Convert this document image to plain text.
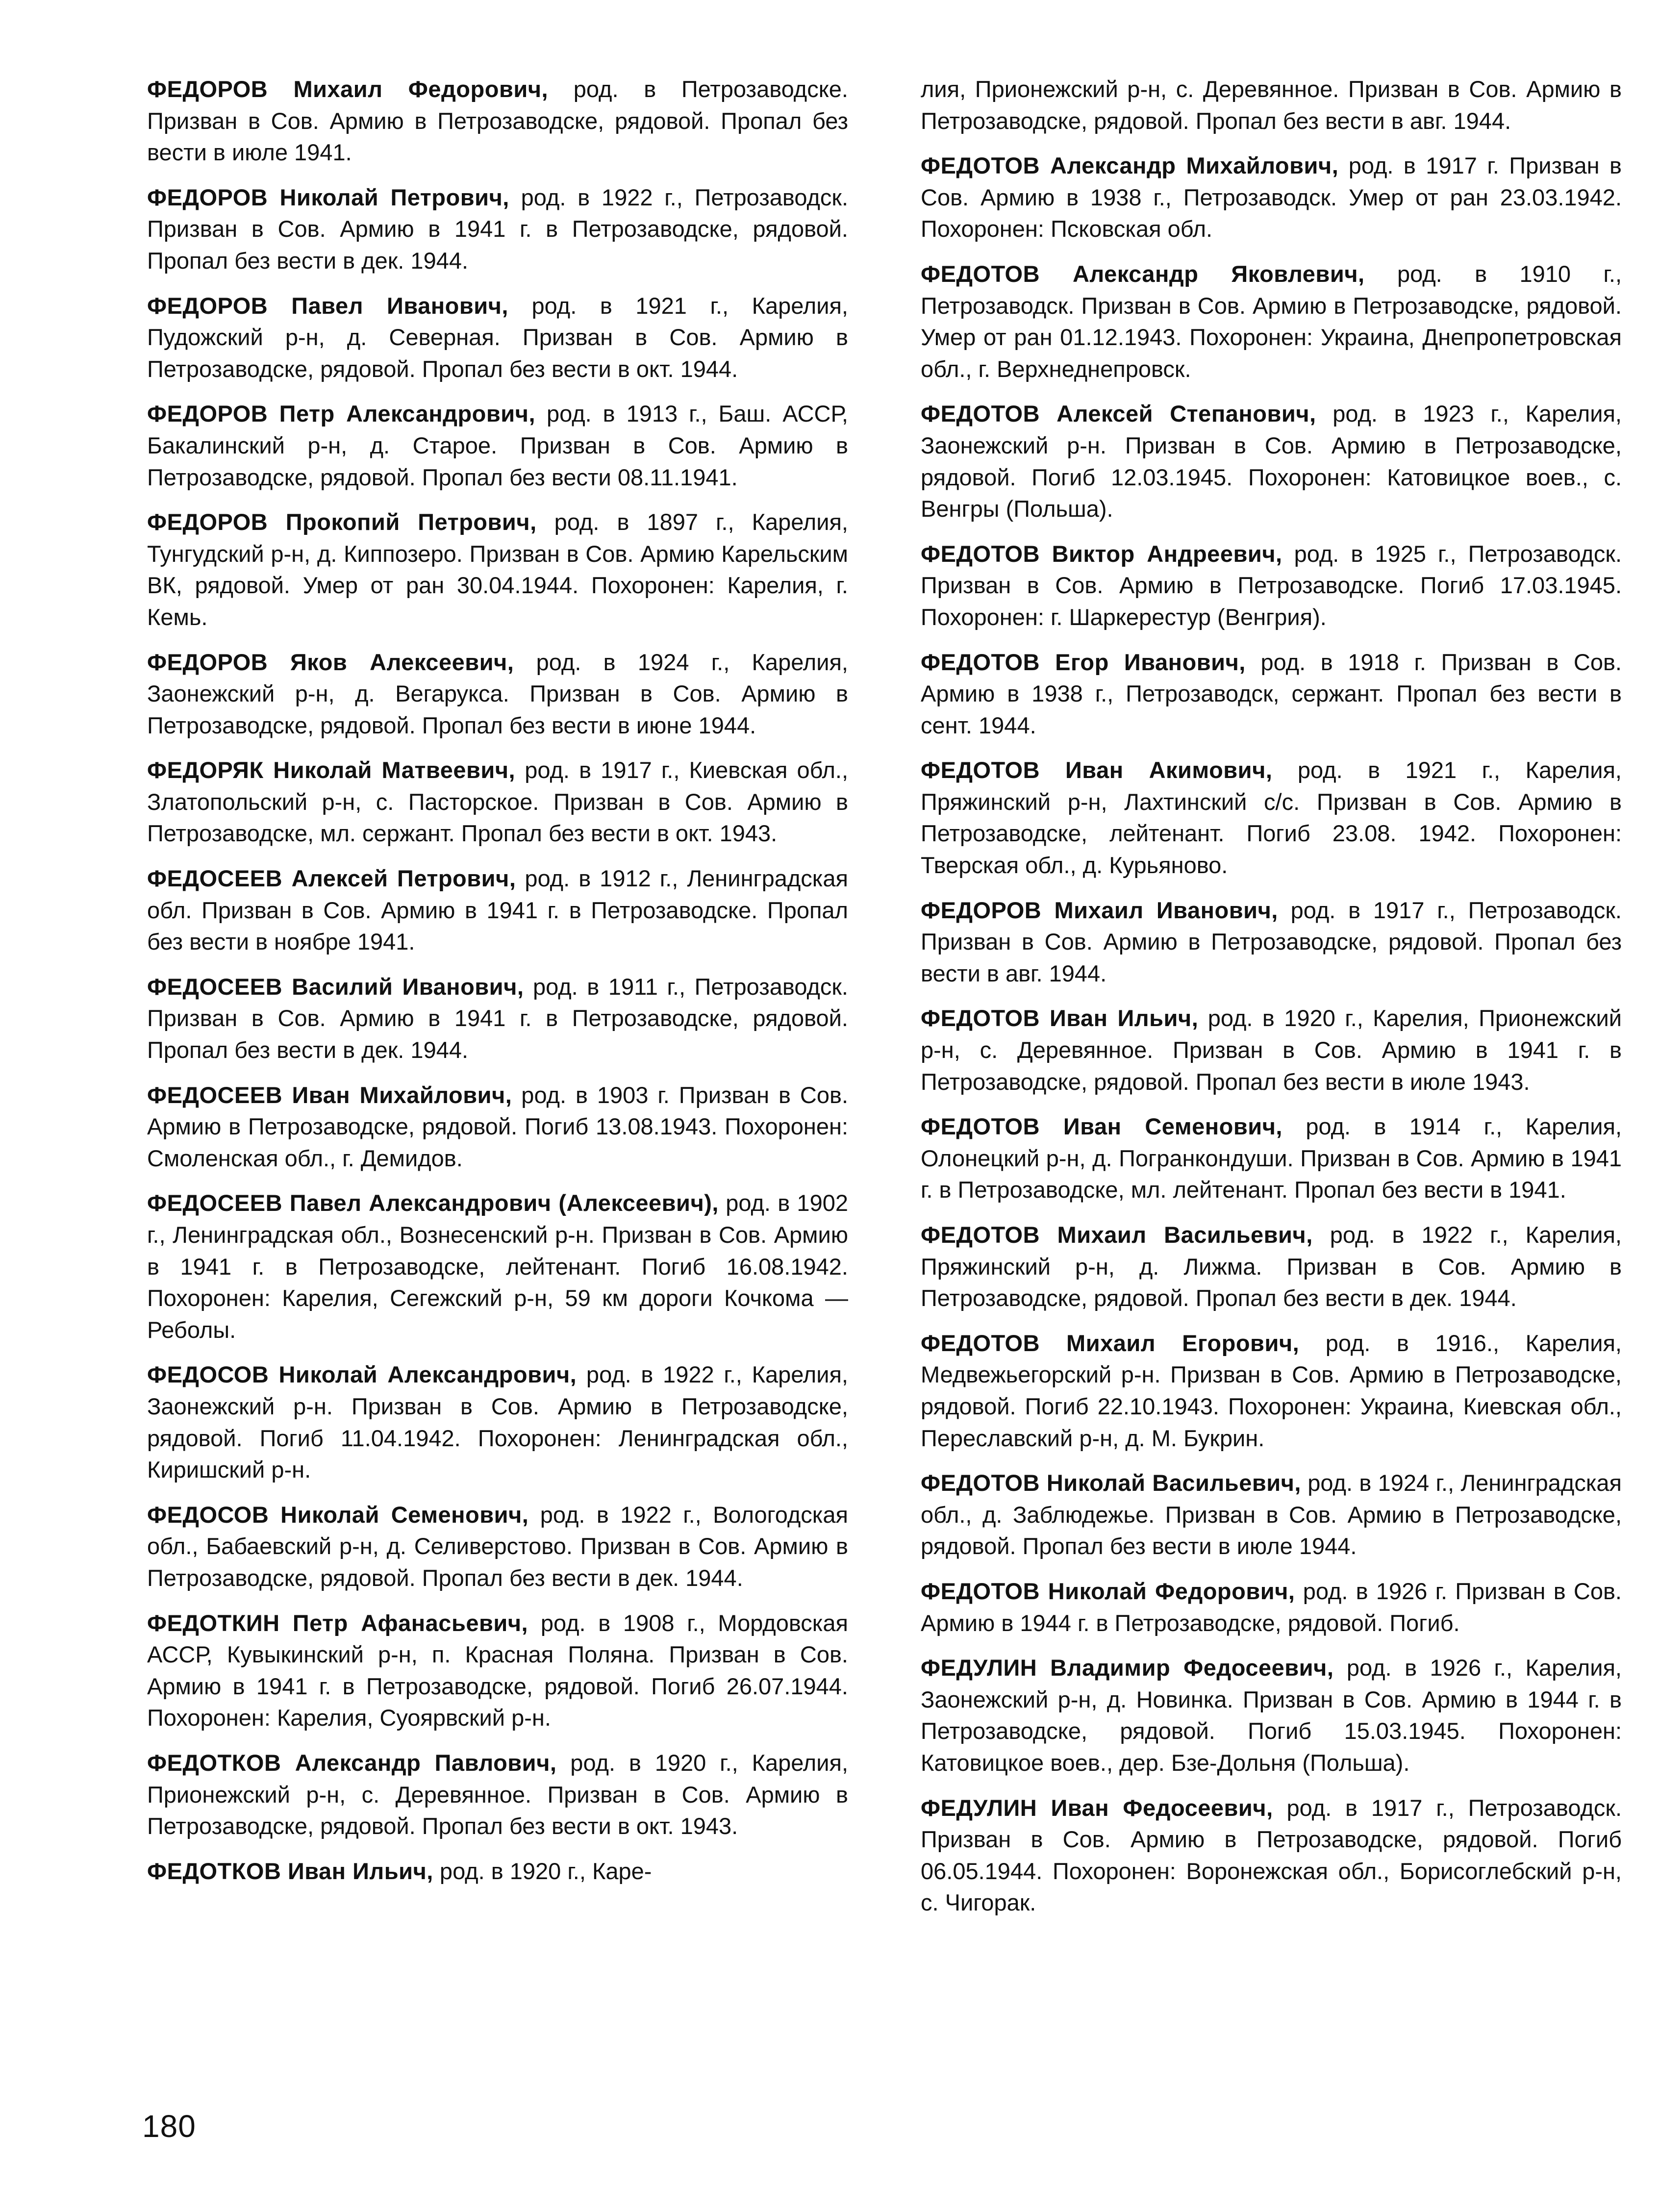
ФЕДОРОВ Михаил Федорович, род. в Петрозаводске. Призван в Сов. Армию в Петрозаводске, рядовой. Пропал без вести в июле 1941.

ФЕДОРОВ Николай Петрович, род. в 1922 г., Петрозаводск. Призван в Сов. Армию в 1941 г. в Петрозаводске, рядовой. Пропал без вести в дек. 1944.

ФЕДОРОВ Павел Иванович, род. в 1921 г., Карелия, Пудожский р-н, д. Северная. Призван в Сов. Армию в Петрозаводске, рядовой. Пропал без вести в окт. 1944.

ФЕДОРОВ Петр Александрович, род. в 1913 г., Баш. АССР, Бакалинский р-н, д. Старое. Призван в Сов. Армию в Петрозаводске, рядовой. Пропал без вести 08.11.1941.

ФЕДОРОВ Прокопий Петрович, род. в 1897 г., Карелия, Тунгудский р-н, д. Киппозеро. Призван в Сов. Армию Карельским ВК, рядовой. Умер от ран 30.04.1944. Похоронен: Карелия, г. Кемь.

ФЕДОРОВ Яков Алексеевич, род. в 1924 г., Карелия, Заонежский р-н, д. Вегарукса. Призван в Сов. Армию в Петрозаводске, рядовой. Пропал без вести в июне 1944.

ФЕДОРЯК Николай Матвеевич, род. в 1917 г., Киевская обл., Златопольский р-н, с. Пасторское. Призван в Сов. Армию в Петрозаводске, мл. сержант. Пропал без вести в окт. 1943.

ФЕДОСЕЕВ Алексей Петрович, род. в 1912 г., Ленинградская обл. Призван в Сов. Армию в 1941 г. в Петрозаводске. Пропал без вести в ноябре 1941.

ФЕДОСЕЕВ Василий Иванович, род. в 1911 г., Петрозаводск. Призван в Сов. Армию в 1941 г. в Петрозаводске, рядовой. Пропал без вести в дек. 1944.

ФЕДОСЕЕВ Иван Михайлович, род. в 1903 г. Призван в Сов. Армию в Петрозаводске, рядовой. Погиб 13.08.1943. Похоронен: Смоленская обл., г. Демидов.

ФЕДОСЕЕВ Павел Александрович (Алексеевич), род. в 1902 г., Ленинградская обл., Вознесенский р-н. Призван в Сов. Армию в 1941 г. в Петрозаводске, лейтенант. Погиб 16.08.1942. Похоронен: Карелия, Сегежский р-н, 59 км дороги Кочкома — Реболы.

ФЕДОСОВ Николай Александрович, род. в 1922 г., Карелия, Заонежский р-н. Призван в Сов. Армию в Петрозаводске, рядовой. Погиб 11.04.1942. Похоронен: Ленинградская обл., Киришский р-н.

ФЕДОСОВ Николай Семенович, род. в 1922 г., Вологодская обл., Бабаевский р-н, д. Селиверстово. Призван в Сов. Армию в Петрозаводске, рядовой. Пропал без вести в дек. 1944.

ФЕДОТКИН Петр Афанасьевич, род. в 1908 г., Мордовская АССР, Кувыкинский р-н, п. Красная Поляна. Призван в Сов. Армию в 1941 г. в Петрозаводске, рядовой. Погиб 26.07.1944. Похоронен: Карелия, Суоярвский р-н.

ФЕДОТКОВ Александр Павлович, род. в 1920 г., Карелия, Прионежский р-н, с. Деревянное. Призван в Сов. Армию в Петрозаводске, рядовой. Пропал без вести в окт. 1943.

ФЕДОТКОВ Иван Ильич, род. в 1920 г., Каре-

лия, Прионежский р-н, с. Деревянное. Призван в Сов. Армию в Петрозаводске, рядовой. Пропал без вести в авг. 1944.

ФЕДОТОВ Александр Михайлович, род. в 1917 г. Призван в Сов. Армию в 1938 г., Петрозаводск. Умер от ран 23.03.1942. Похоронен: Псковская обл.

ФЕДОТОВ Александр Яковлевич, род. в 1910 г., Петрозаводск. Призван в Сов. Армию в Петрозаводске, рядовой. Умер от ран 01.12.1943. Похоронен: Украина, Днепропетровская обл., г. Верхнеднепровск.

ФЕДОТОВ Алексей Степанович, род. в 1923 г., Карелия, Заонежский р-н. Призван в Сов. Армию в Петрозаводске, рядовой. Погиб 12.03.1945. Похоронен: Катовицкое воев., с. Венгры (Польша).

ФЕДОТОВ Виктор Андреевич, род. в 1925 г., Петрозаводск. Призван в Сов. Армию в Петрозаводске. Погиб 17.03.1945. Похоронен: г. Шаркерестур (Венгрия).

ФЕДОТОВ Егор Иванович, род. в 1918 г. Призван в Сов. Армию в 1938 г., Петрозаводск, сержант. Пропал без вести в сент. 1944.

ФЕДОТОВ Иван Акимович, род. в 1921 г., Карелия, Пряжинский р-н, Лахтинский с/с. Призван в Сов. Армию в Петрозаводске, лейтенант. Погиб 23.08. 1942. Похоронен: Тверская обл., д. Курьяново.

ФЕДОРОВ Михаил Иванович, род. в 1917 г., Петрозаводск. Призван в Сов. Армию в Петрозаводске, рядовой. Пропал без вести в авг. 1944.

ФЕДОТОВ Иван Ильич, род. в 1920 г., Карелия, Прионежский р-н, с. Деревянное. Призван в Сов. Армию в 1941 г. в Петрозаводске, рядовой. Пропал без вести в июле 1943.

ФЕДОТОВ Иван Семенович, род. в 1914 г., Карелия, Олонецкий р-н, д. Погранкондуши. Призван в Сов. Армию в 1941 г. в Петрозаводске, мл. лейтенант. Пропал без вести в 1941.

ФЕДОТОВ Михаил Васильевич, род. в 1922 г., Карелия, Пряжинский р-н, д. Лижма. Призван в Сов. Армию в Петрозаводске, рядовой. Пропал без вести в дек. 1944.

ФЕДОТОВ Михаил Егорович, род. в 1916., Карелия, Медвежьегорский р-н. Призван в Сов. Армию в Петрозаводске, рядовой. Погиб 22.10.1943. Похоронен: Украина, Киевская обл., Переславский р-н, д. М. Букрин.

ФЕДОТОВ Николай Васильевич, род. в 1924 г., Ленинградская обл., д. Заблюдежье. Призван в Сов. Армию в Петрозаводске, рядовой. Пропал без вести в июле 1944.

ФЕДОТОВ Николай Федорович, род. в 1926 г. Призван в Сов. Армию в 1944 г. в Петрозаводске, рядовой. Погиб.

ФЕДУЛИН Владимир Федосеевич, род. в 1926 г., Карелия, Заонежский р-н, д. Новинка. Призван в Сов. Армию в 1944 г. в Петрозаводске, рядовой. Погиб 15.03.1945. Похоронен: Катовицкое воев., дер. Бзе-Дольня (Польша).

ФЕДУЛИН Иван Федосеевич, род. в 1917 г., Петрозаводск. Призван в Сов. Армию в Петрозаводске, рядовой. Погиб 06.05.1944. Похоронен: Воронежская обл., Борисоглебский р-н, с. Чигорак.

180
